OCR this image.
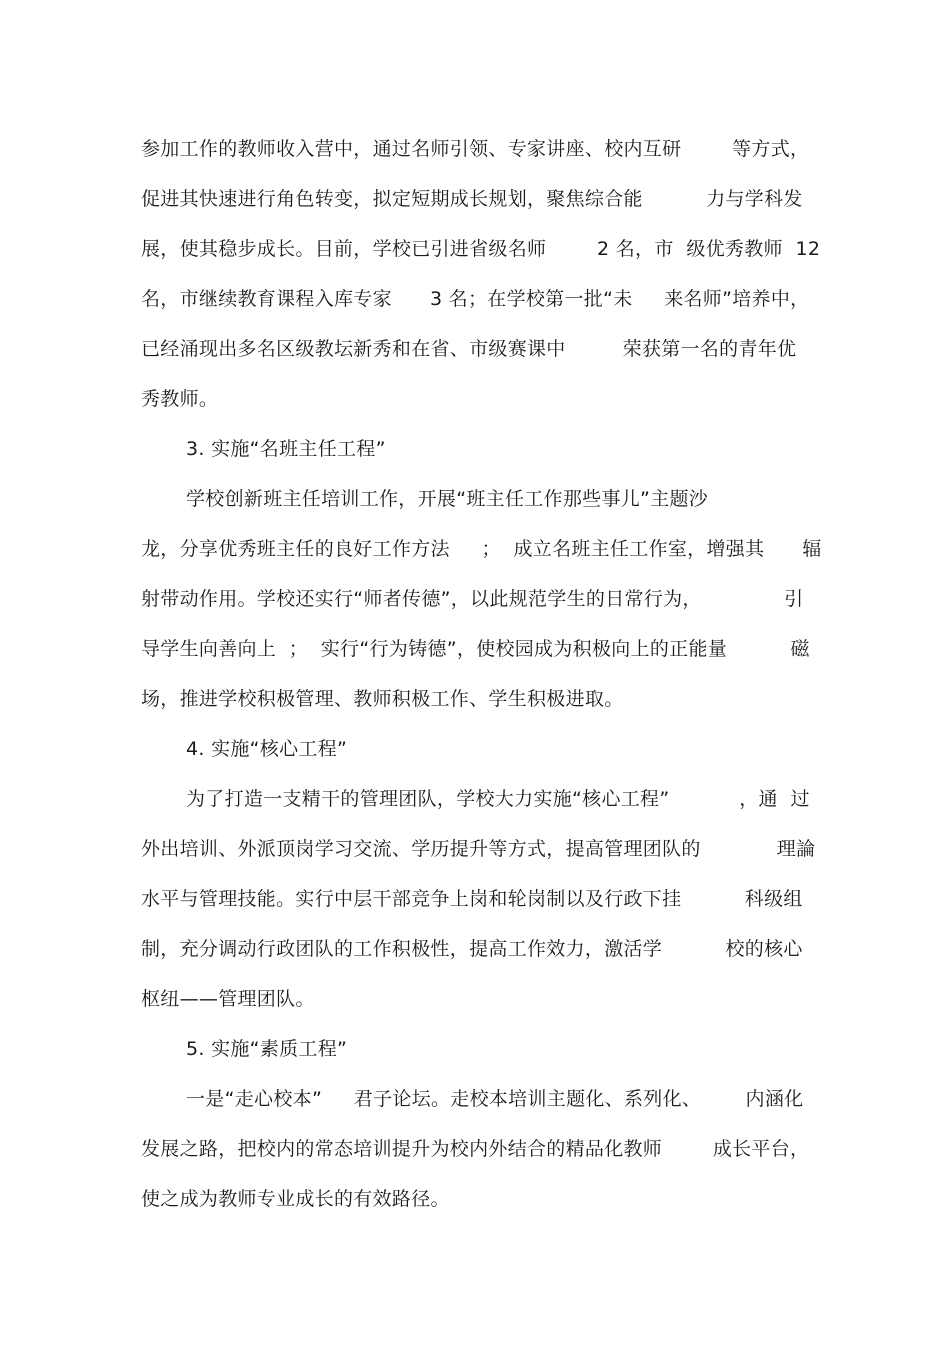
参加工作的教师收入营中，通过名师引领、专家讲座、校内互研        等方式，
促进其快速进行角色转变，拟定短期成长规划，聚焦综合能          力与学科发
展，使其稳步成长。目前，学校已引进省级名师        2 名，市  级优秀教师  12
名，市继续教育课程入库专家      3 名；在学校第一批“未     来名师”培养中，
已经涌现出多名区级教坛新秀和在省、市级赛课中         荣获第一名的青年优
秀教师。
3. 实施“名班主任工程”
学校创新班主任培训工作，开展“班主任工作那些事儿”主题沙
龙，分享优秀班主任的良好工作方法     ；  成立名班主任工作室，增强其      辐
射带动作用。学校还实行“师者传德”，以此规范学生的日常行为，             引
导学生向善向上  ；  实行“行为铸德”，使校园成为积极向上的正能量          磁
场，推进学校积极管理、教师积极工作、学生积极进取。
4. 实施“核心工程”
为了打造一支精干的管理团队，学校大力实施“核心工程”           ，通  过
外出培训、外派顶岗学习交流、学历提升等方式，提高管理团队的            理論
水平与管理技能。实行中层干部竞争上岗和轮岗制以及行政下挂          科级组
制，充分调动行政团队的工作积极性，提高工作效力，激活学          校的核心
枢纽——管理团队。
5. 实施“素质工程”
一是“走心校本”     君子论坛。走校本培训主题化、系列化、       内涵化
发展之路，把校内的常态培训提升为校内外结合的精品化教师        成长平台，
使之成为教师专业成长的有效路径。
